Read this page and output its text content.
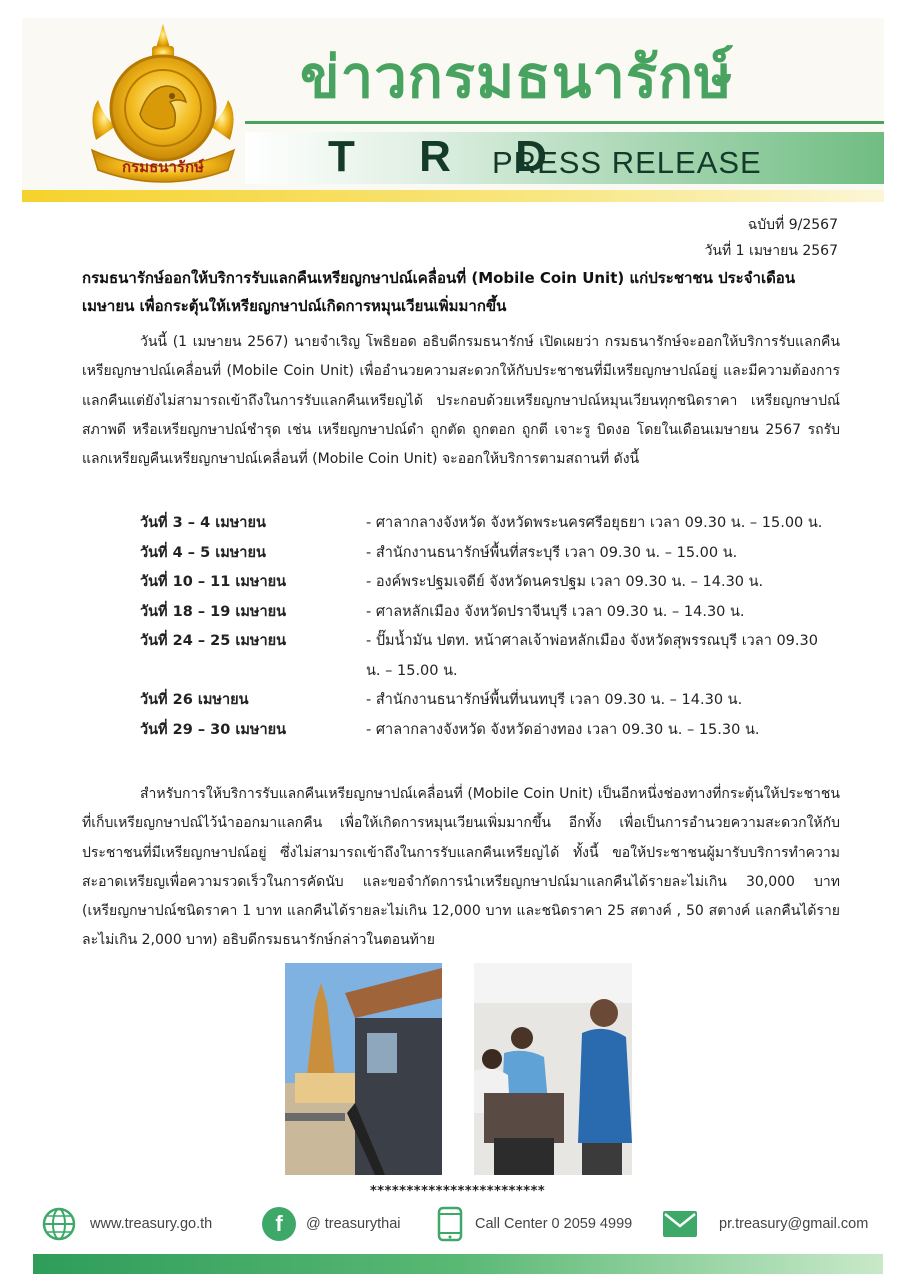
กรมธนารักษ์
ข่าวกรมธนารักษ์
T R D
PRESS RELEASE
ฉบับที่ 9/2567
วันที่ 1 เมษายน 2567
กรมธนารักษ์ออกให้บริการรับแลกคืนเหรียญกษาปณ์เคลื่อนที่ (Mobile Coin Unit) แก่ประชาชน ประจำเดือนเมษายน เพื่อกระตุ้นให้เหรียญกษาปณ์เกิดการหมุนเวียนเพิ่มมากขึ้น
วันนี้ (1 เมษายน 2567) นายจำเริญ โพธิยอด อธิบดีกรมธนารักษ์ เปิดเผยว่า กรมธนารักษ์จะออกให้บริการรับแลกคืนเหรียญกษาปณ์เคลื่อนที่ (Mobile Coin Unit) เพื่ออำนวยความสะดวกให้กับประชาชนที่มีเหรียญกษาปณ์อยู่ และมีความต้องการแลกคืนแต่ยังไม่สามารถเข้าถึงในการรับแลกคืนเหรียญได้ ประกอบด้วยเหรียญกษาปณ์หมุนเวียนทุกชนิดราคา เหรียญกษาปณ์สภาพดี หรือเหรียญกษาปณ์ชำรุด เช่น เหรียญกษาปณ์ดำ ถูกตัด ถูกตอก ถูกตี เจาะรู บิดงอ โดยในเดือนเมษายน 2567 รถรับแลกเหรียญคืนเหรียญกษาปณ์เคลื่อนที่ (Mobile Coin Unit) จะออกให้บริการตามสถานที่ ดังนี้
วันที่ 3 – 4 เมษายน	- ศาลากลางจังหวัด จังหวัดพระนครศรีอยุธยา เวลา 09.30 น. – 15.00 น.
วันที่ 4 – 5 เมษายน	- สำนักงานธนารักษ์พื้นที่สระบุรี เวลา 09.30 น. – 15.00 น.
วันที่ 10 – 11 เมษายน	- องค์พระปฐมเจดีย์ จังหวัดนครปฐม เวลา 09.30 น. – 14.30 น.
วันที่ 18 – 19 เมษายน	- ศาลหลักเมือง จังหวัดปราจีนบุรี เวลา 09.30 น. – 14.30 น.
วันที่ 24 – 25 เมษายน	- ปั๊มน้ำมัน ปตท. หน้าศาลเจ้าพ่อหลักเมือง จังหวัดสุพรรณบุรี เวลา 09.30 น. – 15.00 น.
วันที่ 26 เมษายน	- สำนักงานธนารักษ์พื้นที่นนทบุรี เวลา 09.30 น. – 14.30 น.
วันที่ 29 – 30 เมษายน	- ศาลากลางจังหวัด จังหวัดอ่างทอง เวลา 09.30 น. – 15.30 น.
สำหรับการให้บริการรับแลกคืนเหรียญกษาปณ์เคลื่อนที่ (Mobile Coin Unit) เป็นอีกหนึ่งช่องทางที่กระตุ้นให้ประชาชนที่เก็บเหรียญกษาปณ์ไว้นำออกมาแลกคืน เพื่อให้เกิดการหมุนเวียนเพิ่มมากขึ้น อีกทั้ง เพื่อเป็นการอำนวยความสะดวกให้กับประชาชนที่มีเหรียญกษาปณ์อยู่ ซึ่งไม่สามารถเข้าถึงในการรับแลกคืนเหรียญได้ ทั้งนี้ ขอให้ประชาชนผู้มารับบริการทำความสะอาดเหรียญเพื่อความรวดเร็วในการคัดนับ และขอจำกัดการนำเหรียญกษาปณ์มาแลกคืนได้รายละไม่เกิน 30,000 บาท (เหรียญกษาปณ์ชนิดราคา 1 บาท แลกคืนได้รายละไม่เกิน 12,000 บาท และชนิดราคา 25 สตางค์ , 50 สตางค์ แลกคืนได้รายละไม่เกิน 2,000 บาท) อธิบดีกรมธนารักษ์กล่าวในตอนท้าย
************************
www.treasury.go.th	f	@ treasurythai	Call Center 0 2059 4999	pr.treasury@gmail.com
